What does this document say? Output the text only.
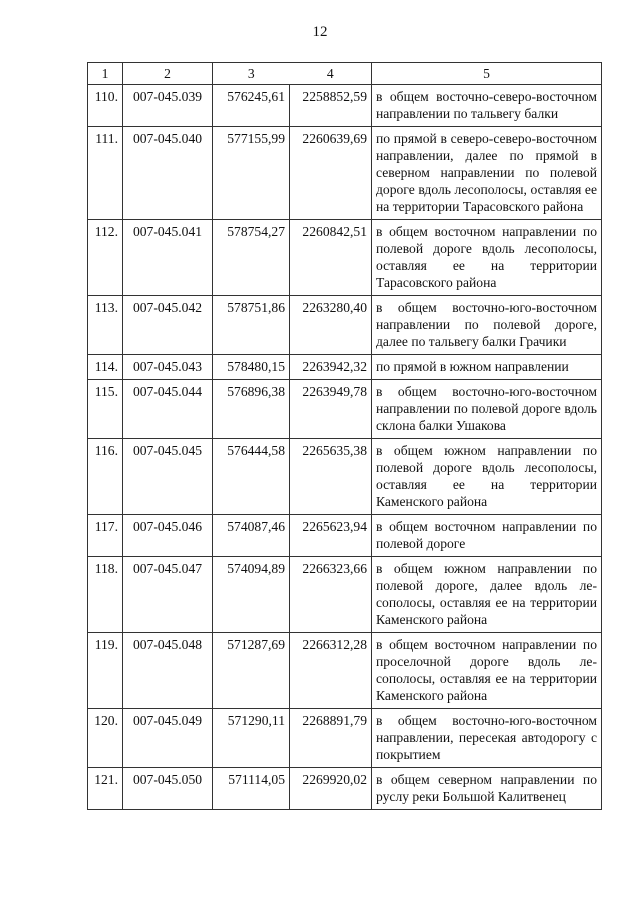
12
1	2	3	4	5
110.	007-045.039	576245,61	2258852,59	в общем восточно-северо-восточном направлении по тальвегу балки
111.	007-045.040	577155,99	2260639,69	по прямой в северо-северо-восточном направлении, далее по прямой в северном направлении по полевой дороге вдоль лесополосы, оставляя ее на территории Тарасовского района
112.	007-045.041	578754,27	2260842,51	в общем восточном направлении по полевой дороге вдоль лесополосы, оставляя ее на территории Тарасовского района
113.	007-045.042	578751,86	2263280,40	в общем восточно-юго-восточном направлении по полевой дороге, далее по тальвегу балки Грачики
114.	007-045.043	578480,15	2263942,32	по прямой в южном направлении
115.	007-045.044	576896,38	2263949,78	в общем восточно-юго-восточном направлении по полевой дороге вдоль склона балки Ушакова
116.	007-045.045	576444,58	2265635,38	в общем южном направлении по полевой дороге вдоль лесополосы, оставляя ее на территории Каменского района
117.	007-045.046	574087,46	2265623,94	в общем восточном направлении по полевой дороге
118.	007-045.047	574094,89	2266323,66	в общем южном направлении по полевой дороге, далее вдоль лесополосы, оставляя ее на территории Каменского района
119.	007-045.048	571287,69	2266312,28	в общем восточном направлении по проселочной дороге вдоль лесополосы, оставляя ее на территории Каменского района
120.	007-045.049	571290,11	2268891,79	в общем восточно-юго-восточном направлении, пересекая автодорогу с покрытием
121.	007-045.050	571114,05	2269920,02	в общем северном направлении по руслу реки Большой Калитвенец
